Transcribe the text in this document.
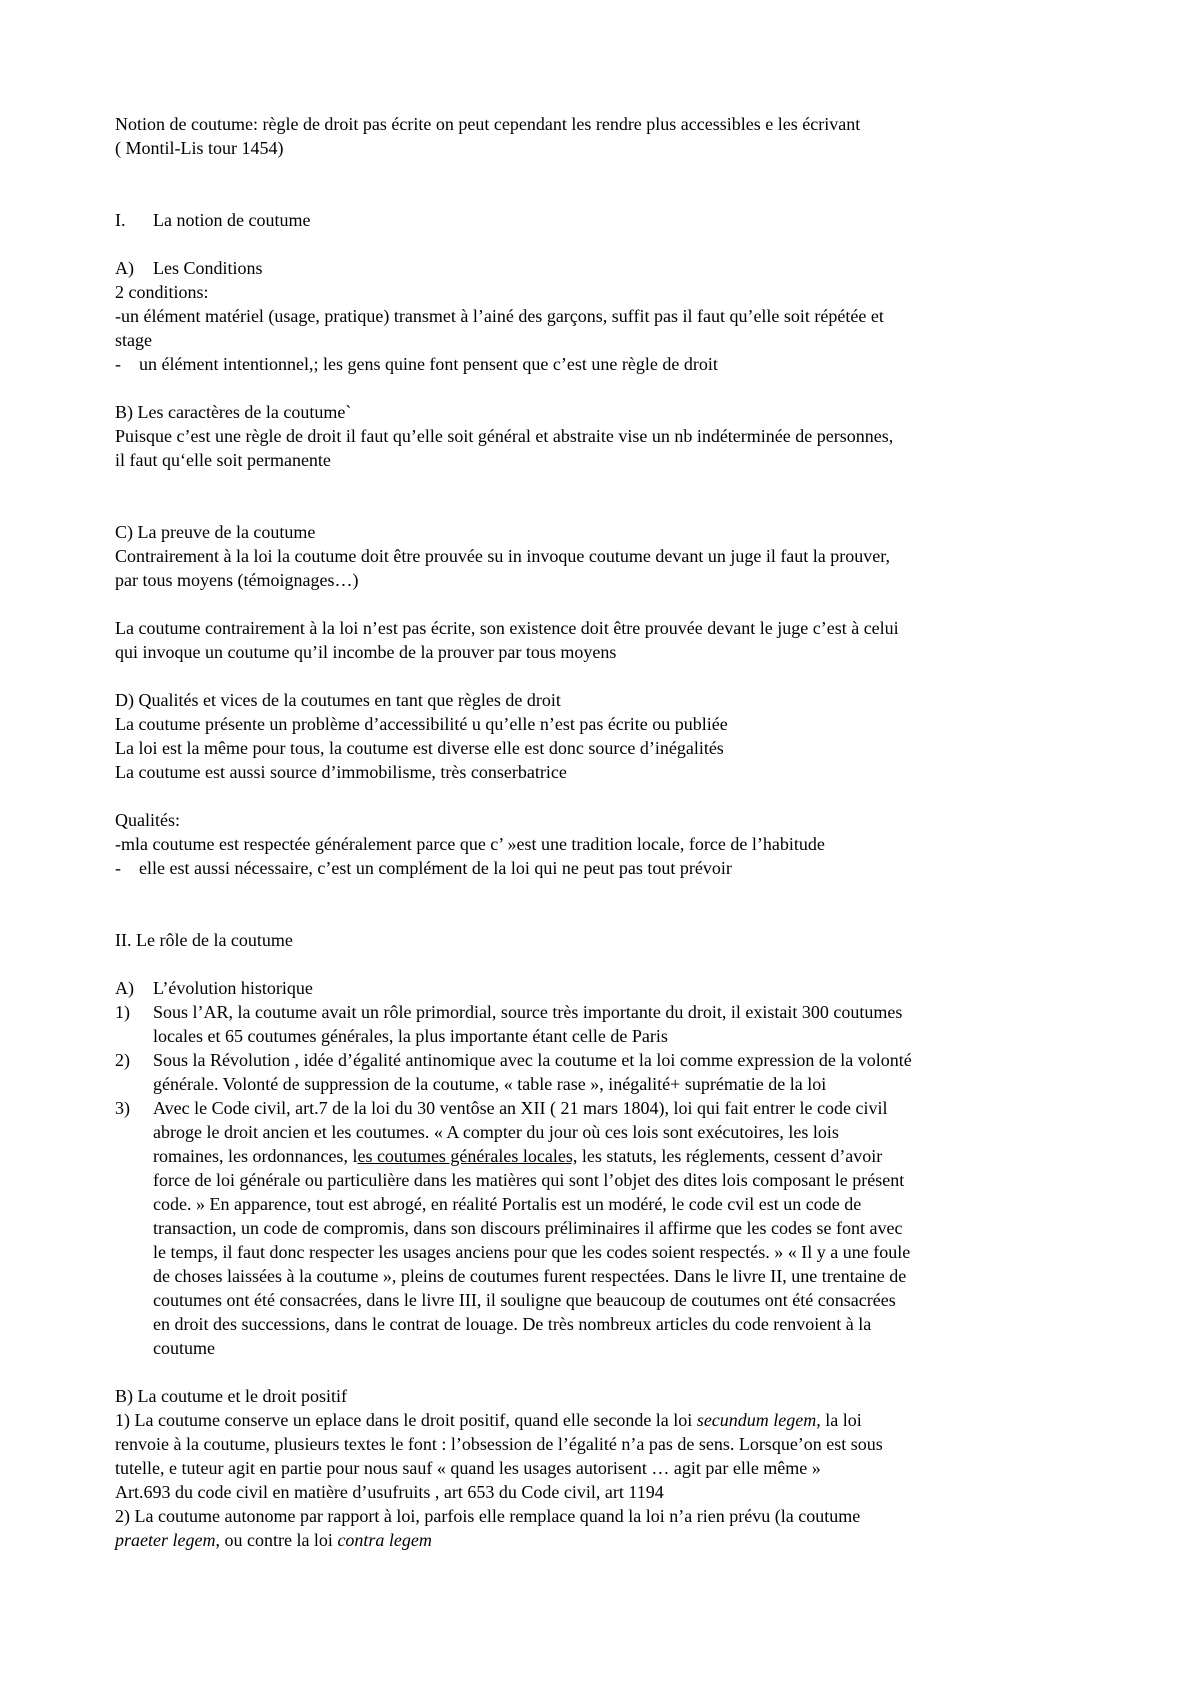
Notion de coutume: règle de droit pas écrite on peut cependant les rendre plus accessibles e les écrivant
( Montil-Lis tour 1454)
I. La notion de coutume
A) Les Conditions
2 conditions:
-un élément matériel (usage, pratique) transmet à l’ainé des garçons, suffit pas il faut qu’elle soit répétée et
stage
- un élément intentionnel,; les gens quine font pensent que c’est une règle de droit
B) Les caractères de la coutume`
Puisque c’est une règle de droit il faut qu’elle soit général et abstraite vise un nb indéterminée de personnes,
il faut qu‘elle soit permanente
C) La preuve de la coutume
Contrairement à la loi la coutume doit être prouvée su in invoque coutume devant un juge il faut la prouver,
par tous moyens (témoignages…)
La coutume contrairement à la loi n’est pas écrite, son existence doit être prouvée devant le juge c’est à celui
qui invoque un coutume qu’il incombe de la prouver par tous moyens
D) Qualités et vices de la coutumes en tant que règles de droit
La coutume présente un problème d’accessibilité u qu’elle n’est pas écrite ou publiée
La loi est la même pour tous, la coutume est diverse elle est donc source d’inégalités
La coutume est aussi source d’immobilisme, très conserbatrice
Qualités:
-mla coutume est respectée généralement parce que c’ »est une tradition locale, force de l’habitude
- elle est aussi nécessaire, c’est un complément de la loi qui ne peut pas tout prévoir
II. Le rôle de la coutume
A) L’évolution historique
1) Sous l’AR, la coutume avait un rôle primordial, source très importante du droit, il existait 300 coutumes
locales et 65 coutumes générales, la plus importante étant celle de Paris
2) Sous la Révolution , idée d’égalité antinomique avec la coutume et la loi comme expression de la volonté
générale. Volonté de suppression de la coutume, « table rase », inégalité+ suprématie de la loi
3) Avec le Code civil, art.7 de la loi du 30 ventôse an XII ( 21 mars 1804), loi qui fait entrer le code civil
abroge le droit ancien et les coutumes. « A compter du jour où ces lois sont exécutoires, les lois
romaines, les ordonnances, les coutumes générales locales, les statuts, les réglements, cessent d’avoir
force de loi générale ou particulière dans les matières qui sont l’objet des dites lois composant le présent
code. » En apparence, tout est abrogé, en réalité Portalis est un modéré, le code cvil est un code de
transaction, un code de compromis, dans son discours préliminaires il affirme que les codes se font avec
le temps, il faut donc respecter les usages anciens pour que les codes soient respectés. » « Il y a une foule
de choses laissées à la coutume », pleins de coutumes furent respectées. Dans le livre II, une trentaine de
coutumes ont été consacrées, dans le livre III, il souligne que beaucoup de coutumes ont été consacrées
en droit des successions, dans le contrat de louage. De très nombreux articles du code renvoient à la
coutume
B) La coutume et le droit positif
1) La coutume conserve un eplace dans le droit positif, quand elle seconde la loi secundum legem, la loi
renvoie à la coutume, plusieurs textes le font : l’obsession de l’égalité n’a pas de sens. Lorsque’on est sous
tutelle, e tuteur agit en partie pour nous sauf « quand les usages autorisent … agit par elle même »
Art.693 du code civil en matière d’usufruits , art 653 du Code civil, art 1194
2) La coutume autonome par rapport à loi, parfois elle remplace quand la loi n’a rien prévu (la coutume
praeter legem, ou contre la loi contra legem
